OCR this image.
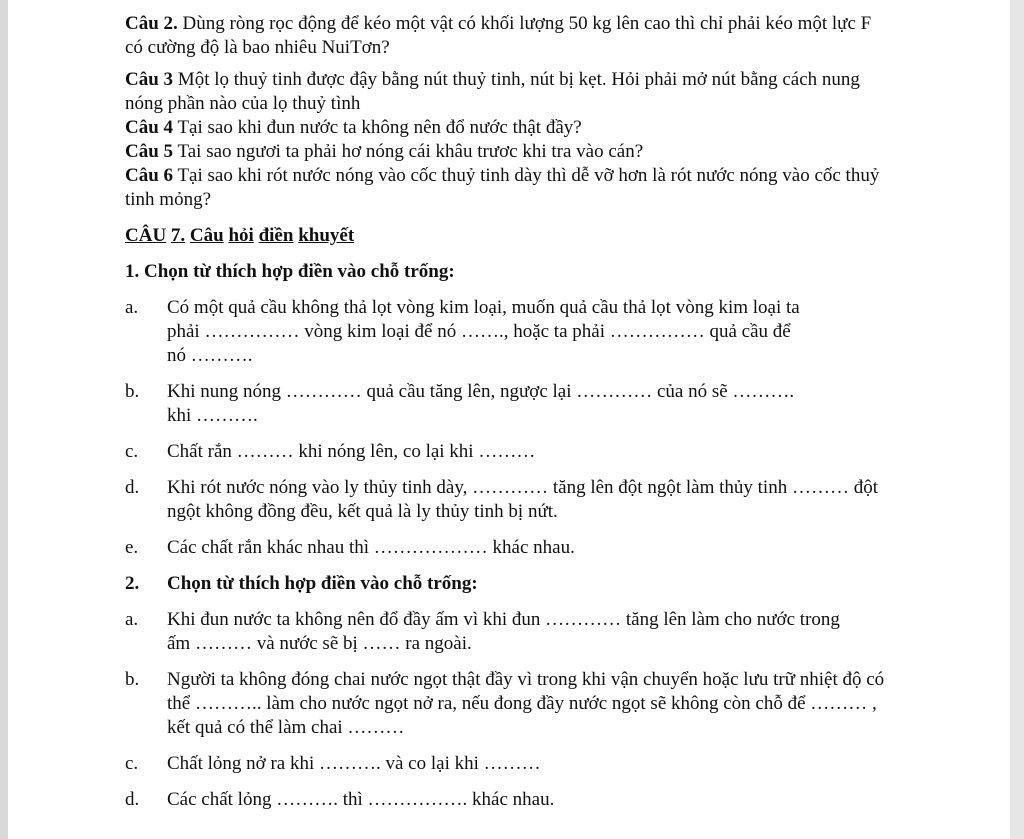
Câu 2. Dùng ròng rọc động để kéo một vật có khối lượng 50 kg lên cao thì chỉ phải kéo một lực F
có cường độ là bao nhiêu NuiTơn?
Câu 3 Một lọ thuỷ tinh được đậy bằng nút thuỷ tinh, nút bị kẹt. Hỏi phải mở nút bằng cách nung
nóng phần nào của lọ thuỷ tình
Câu 4 Tại sao khi đun nước ta không nên đổ nước thật đầy?
Câu 5 Tai sao ngươi ta phải hơ nóng cái khâu trươc khi tra vào cán?
Câu 6 Tại sao khi rót nước nóng vào cốc thuỷ tinh dày thì dễ vỡ hơn là rót nước nóng vào cốc thuỷ
tinh mỏng?
CÂU 7. Câu hỏi điền khuyết
1. Chọn từ thích hợp điền vào chỗ trống:
a.	Có một quả cầu không thả lọt vòng kim loại, muốn quả cầu thả lọt vòng kim loại ta
phải …………… vòng kim loại để nó ……., hoặc ta phải …………… quả cầu để
nó ……….
b.	Khi nung nóng ………… quả cầu tăng lên, ngược lại ………… của nó sẽ ……….
khi ……….
c.	Chất rắn ……… khi nóng lên, co lại khi ………
d.	Khi rót nước nóng vào ly thủy tinh dày, ………… tăng lên đột ngột làm thủy tinh ……… đột
ngột không đồng đều, kết quả là ly thủy tinh bị nứt.
e.	Các chất rắn khác nhau thì ……………… khác nhau.
2.	Chọn từ thích hợp điền vào chỗ trống:
a.	Khi đun nước ta không nên đổ đầy ấm vì khi đun ………… tăng lên làm cho nước trong
ấm ……… và nước sẽ bị …… ra ngoài.
b.	Người ta không đóng chai nước ngọt thật đầy vì trong khi vận chuyển hoặc lưu trữ nhiệt độ có
thể ……….. làm cho nước ngọt nở ra, nếu đong đầy nước ngọt sẽ không còn chỗ để ……… ,
kết quả có thể làm chai ………
c.	Chất lỏng nở ra khi ………. và co lại khi ………
d.	Các chất lỏng ………. thì ……………. khác nhau.
